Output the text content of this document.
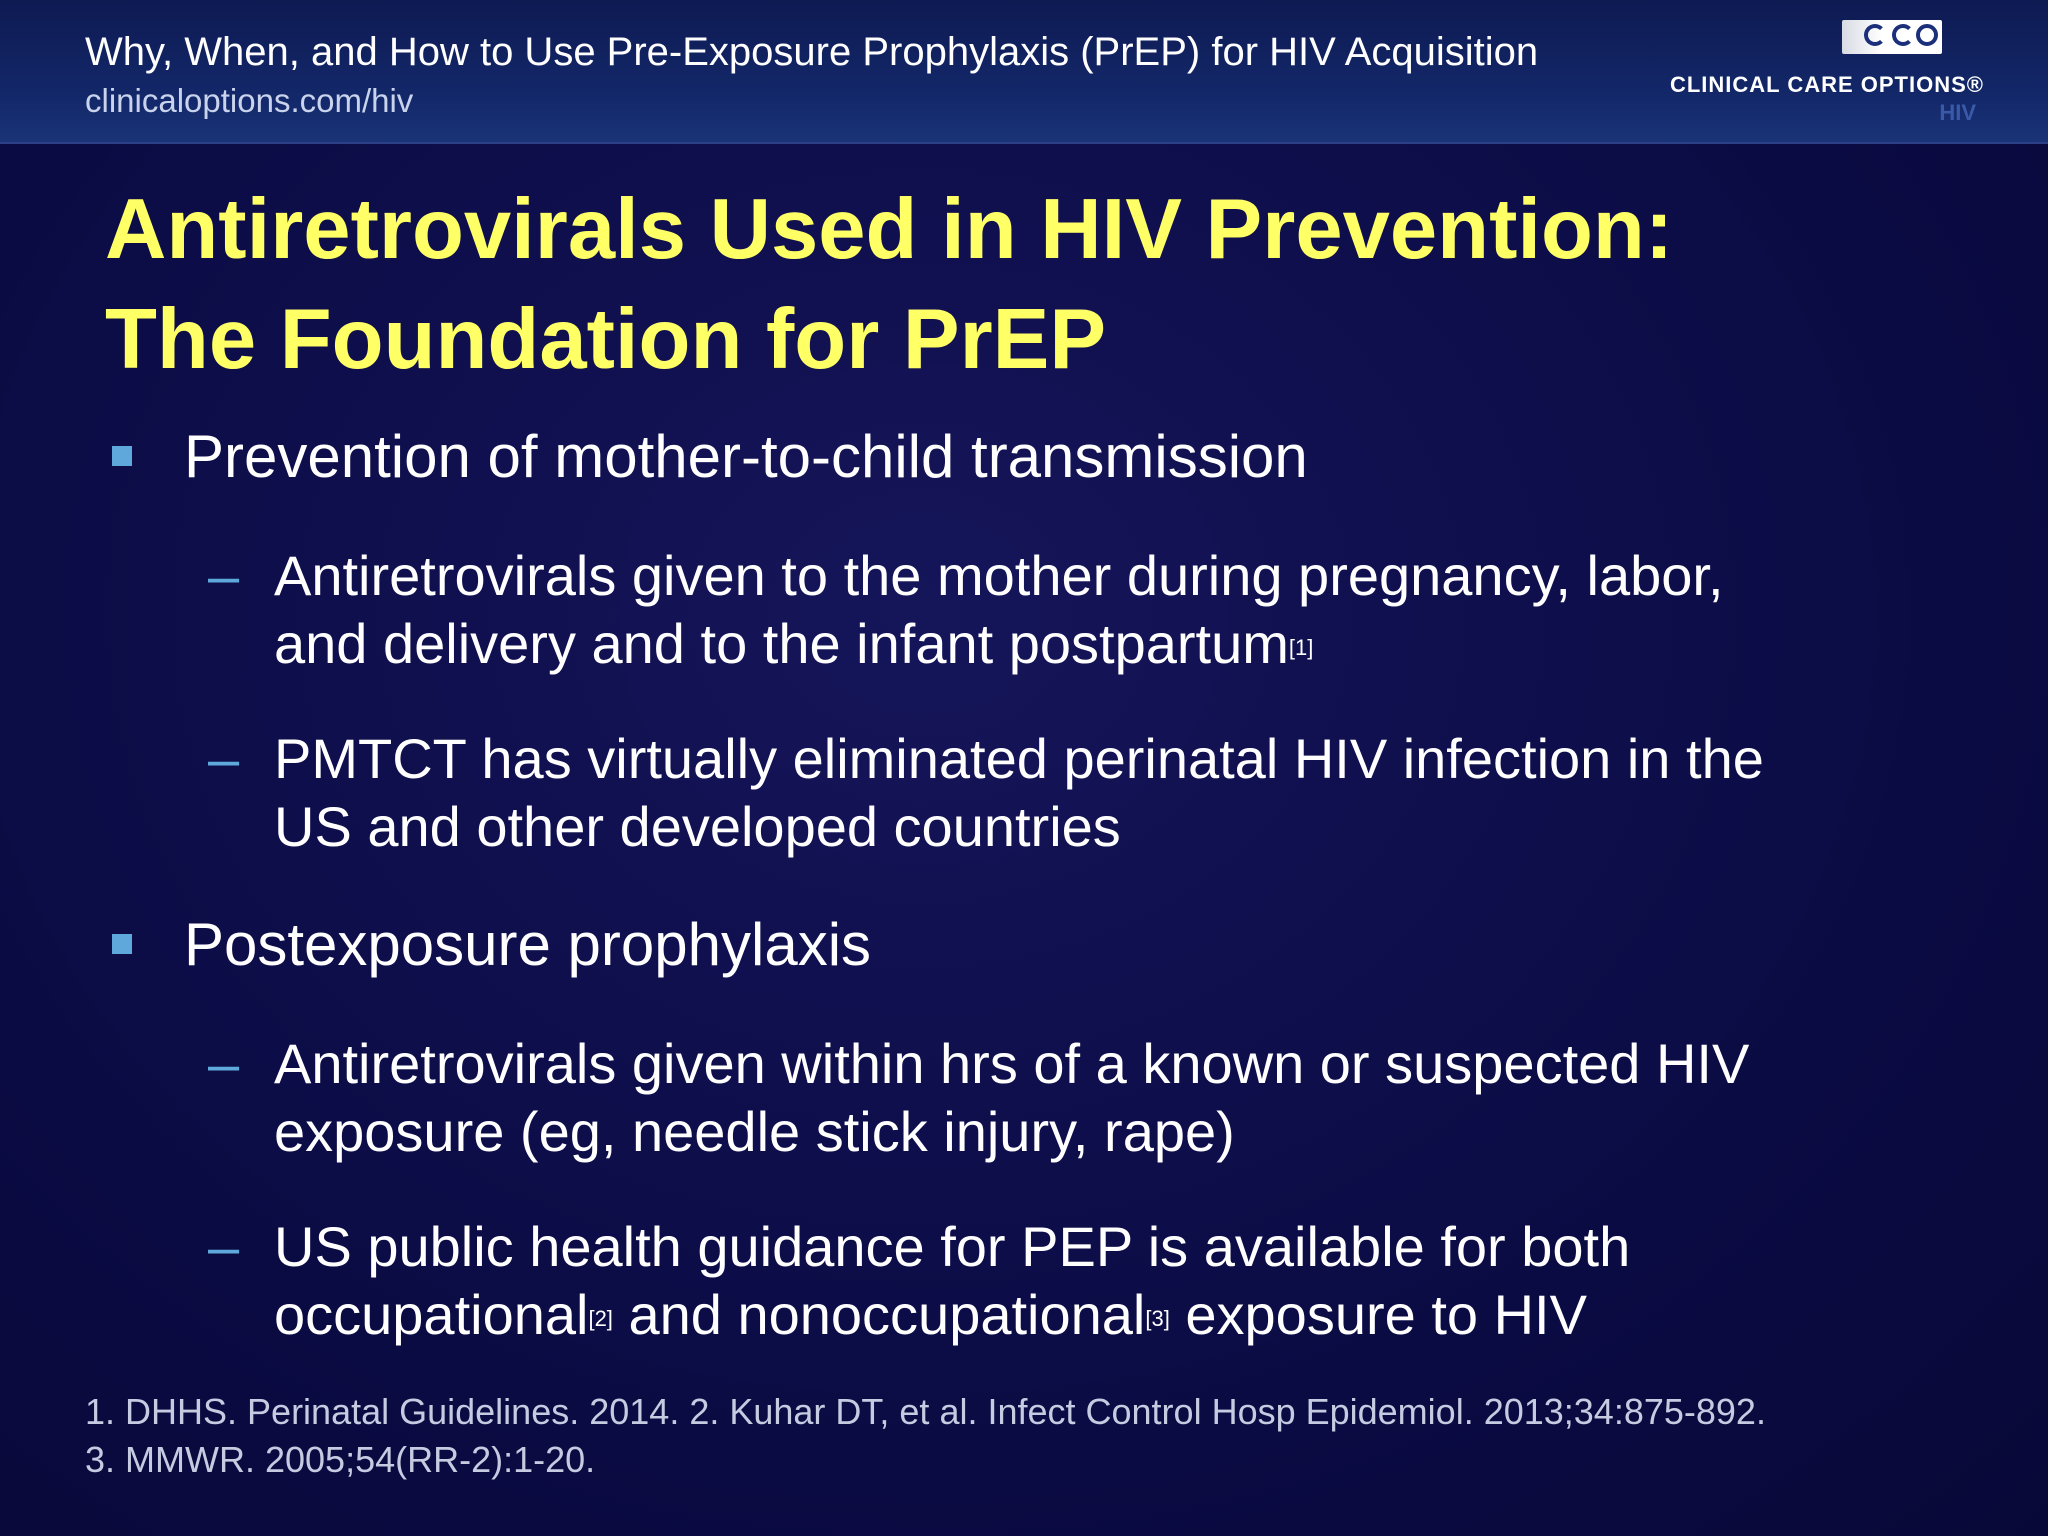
Why, When, and How to Use Pre-Exposure Prophylaxis (PrEP) for HIV Acquisition
clinicaloptions.com/hiv	CLINICAL CARE OPTIONS®
HIV
Antiretrovirals Used in HIV Prevention:
The Foundation for PrEP
Prevention of mother-to-child transmission
– Antiretrovirals given to the mother during pregnancy, labor,
and delivery and to the infant postpartum[1]
– PMTCT has virtually eliminated perinatal HIV infection in the
US and other developed countries
Postexposure prophylaxis
– Antiretrovirals given within hrs of a known or suspected HIV
exposure (eg, needle stick injury, rape)
– US public health guidance for PEP is available for both
occupational[2] and nonoccupational[3] exposure to HIV
1. DHHS. Perinatal Guidelines. 2014. 2. Kuhar DT, et al. Infect Control Hosp Epidemiol. 2013;34:875-892.
3. MMWR. 2005;54(RR-2):1-20.
